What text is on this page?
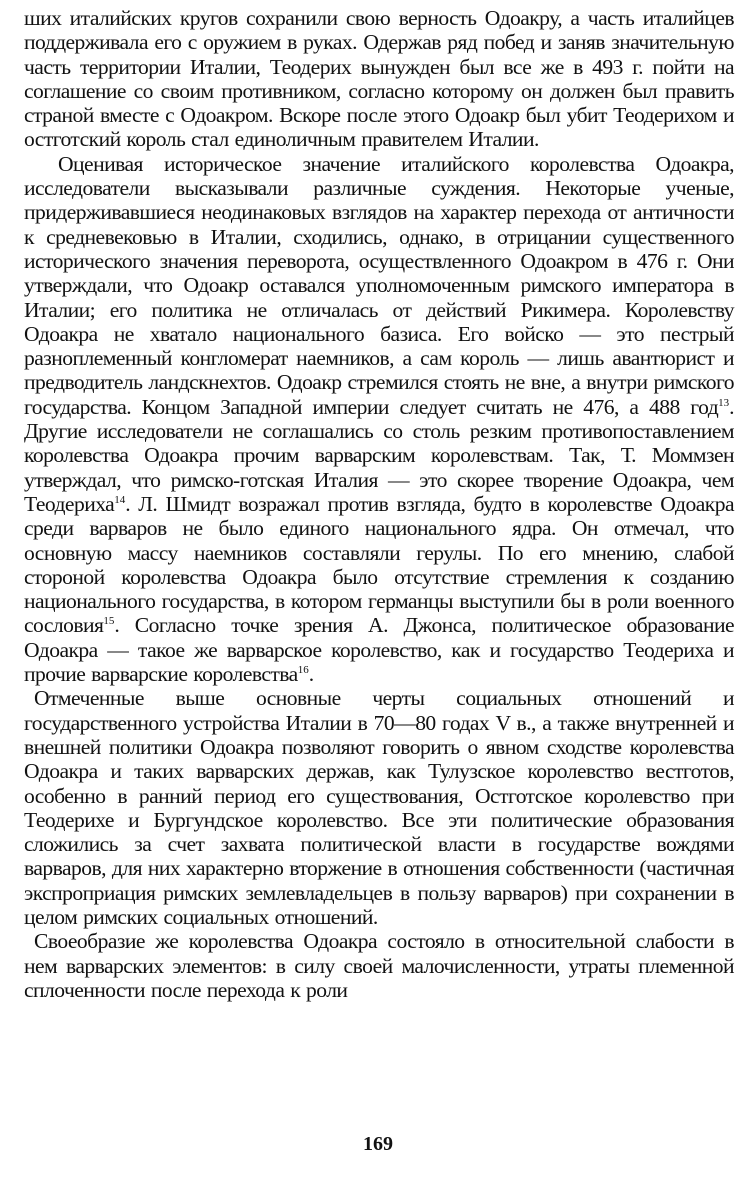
ших италийских кругов сохранили свою верность Одоакру, а часть италийцев поддерживала его с оружием в руках. Одержав ряд побед и заняв значительную часть территории Италии, Теодерих вынужден был все же в 493 г. пойти на соглашение со своим противником, согласно которому он должен был править страной вместе с Одоакром. Вскоре после этого Одоакр был убит Теодерихом и остготский король стал единоличным правителем Италии.

Оценивая историческое значение италийского королевства Одоакра, исследователи высказывали различные суждения. Некоторые ученые, придерживавшиеся неодинаковых взглядов на характер перехода от античности к средневековью в Италии, сходились, однако, в отрицании существенного исторического значения переворота, осуществленного Одоакром в 476 г. Они утверждали, что Одоакр оставался уполномоченным римского императора в Италии; его политика не отличалась от действий Рикимера. Королевству Одоакра не хватало национального базиса. Его войско — это пестрый разноплеменный конгломерат наемников, а сам король — лишь авантюрист и предводитель ландскнехтов. Одоакр стремился стоять не вне, а внутри римского государства. Концом Западной империи следует считать не 476, а 488 год$^{13}$. Другие исследователи не соглашались со столь резким противопоставлением королевства Одоакра прочим варварским королевствам. Так, Т. Моммзен утверждал, что римско-готская Италия — это скорее творение Одоакра, чем Теодериха$^{14}$. Л. Шмидт возражал против взгляда, будто в королевстве Одоакра среди варваров не было единого национального ядра. Он отмечал, что основную массу наемников составляли герулы. По его мнению, слабой стороной королевства Одоакра было отсутствие стремления к созданию национального государства, в котором германцы выступили бы в роли военного сословия$^{15}$. Согласно точке зрения А. Джонса, политическое образование Одоакра — такое же варварское королевство, как и государство Теодериха и прочие варварские королевства$^{16}$.

Отмеченные выше основные черты социальных отношений и государственного устройства Италии в 70—80 годах V в., а также внутренней и внешней политики Одоакра позволяют говорить о явном сходстве королевства Одоакра и таких варварских держав, как Тулузское королевство вестготов, особенно в ранний период его существования, Остготское королевство при Теодерихе и Бургундское королевство. Все эти политические образования сложились за счет захвата политической власти в государстве вождями варваров, для них характерно вторжение в отношения собственности (частичная экспроприация римских землевладельцев в пользу варваров) при сохранении в целом римских социальных отношений.

Своеобразие же королевства Одоакра состояло в относительной слабости в нем варварских элементов: в силу своей малочисленности, утраты племенной сплоченности после перехода к роли

169
